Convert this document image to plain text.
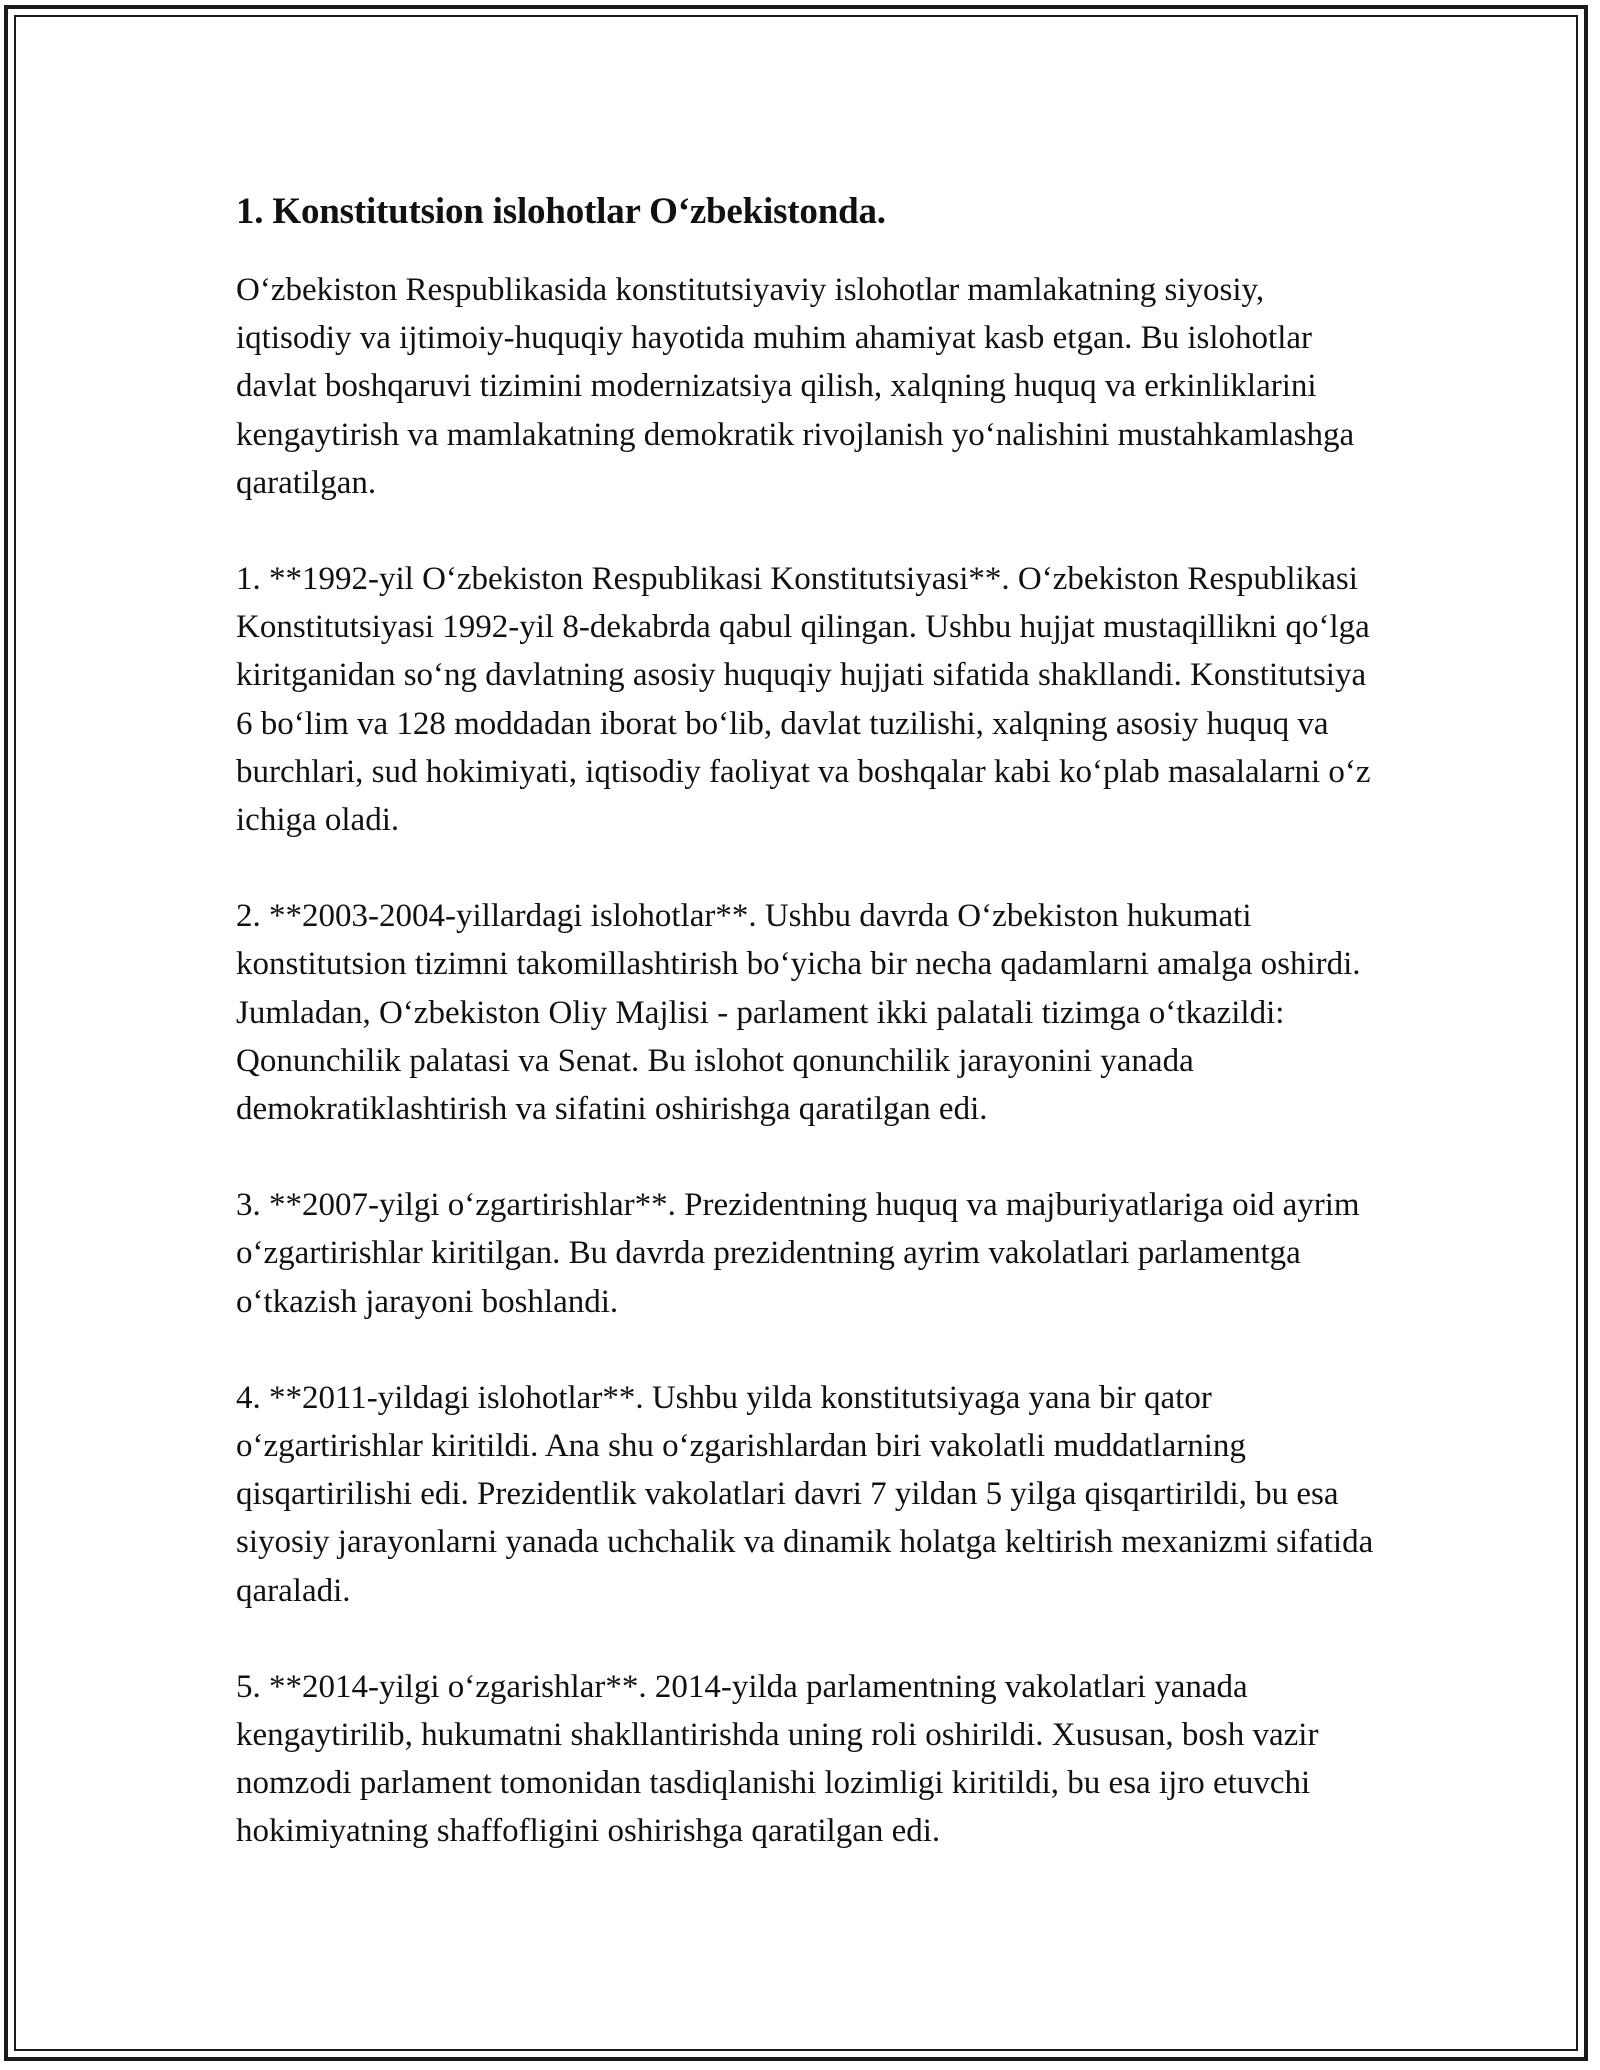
1. Konstitutsion islohotlar O‘zbekistonda.

O‘zbekiston Respublikasida konstitutsiyaviy islohotlar mamlakatning siyosiy, iqtisodiy va ijtimoiy-huquqiy hayotida muhim ahamiyat kasb etgan. Bu islohotlar davlat boshqaruvi tizimini modernizatsiya qilish, xalqning huquq va erkinliklarini kengaytirish va mamlakatning demokratik rivojlanish yo‘nalishini mustahkamlashga qaratilgan.

1. **1992-yil O‘zbekiston Respublikasi Konstitutsiyasi**. O‘zbekiston Respublikasi Konstitutsiyasi 1992-yil 8-dekabrda qabul qilingan. Ushbu hujjat mustaqillikni qo‘lga kiritganidan so‘ng davlatning asosiy huquqiy hujjati sifatida shakllandi. Konstitutsiya 6 bo‘lim va 128 moddadan iborat bo‘lib, davlat tuzilishi, xalqning asosiy huquq va burchlari, sud hokimiyati, iqtisodiy faoliyat va boshqalar kabi ko‘plab masalalarni o‘z ichiga oladi.

2. **2003-2004-yillardagi islohotlar**. Ushbu davrda O‘zbekiston hukumati konstitutsion tizimni takomillashtirish bo‘yicha bir necha qadamlarni amalga oshirdi. Jumladan, O‘zbekiston Oliy Majlisi - parlament ikki palatali tizimga o‘tkazildi: Qonunchilik palatasi va Senat. Bu islohot qonunchilik jarayonini yanada demokratiklashtirish va sifatini oshirishga qaratilgan edi.

3. **2007-yilgi o‘zgartirishlar**. Prezidentning huquq va majburiyatlariga oid ayrim o‘zgartirishlar kiritilgan. Bu davrda prezidentning ayrim vakolatlari parlamentga o‘tkazish jarayoni boshlandi.

4. **2011-yildagi islohotlar**. Ushbu yilda konstitutsiyaga yana bir qator o‘zgartirishlar kiritildi. Ana shu o‘zgarishlardan biri vakolatli muddatlarning qisqartirilishi edi. Prezidentlik vakolatlari davri 7 yildan 5 yilga qisqartirildi, bu esa siyosiy jarayonlarni yanada uchchalik va dinamik holatga keltirish mexanizmi sifatida qaraladi.

5. **2014-yilgi o‘zgarishlar**. 2014-yilda parlamentning vakolatlari yanada kengaytirilib, hukumatni shakllantirishda uning roli oshirildi. Xususan, bosh vazir nomzodi parlament tomonidan tasdiqlanishi lozimligi kiritildi, bu esa ijro etuvchi hokimiyatning shaffofligini oshirishga qaratilgan edi.
